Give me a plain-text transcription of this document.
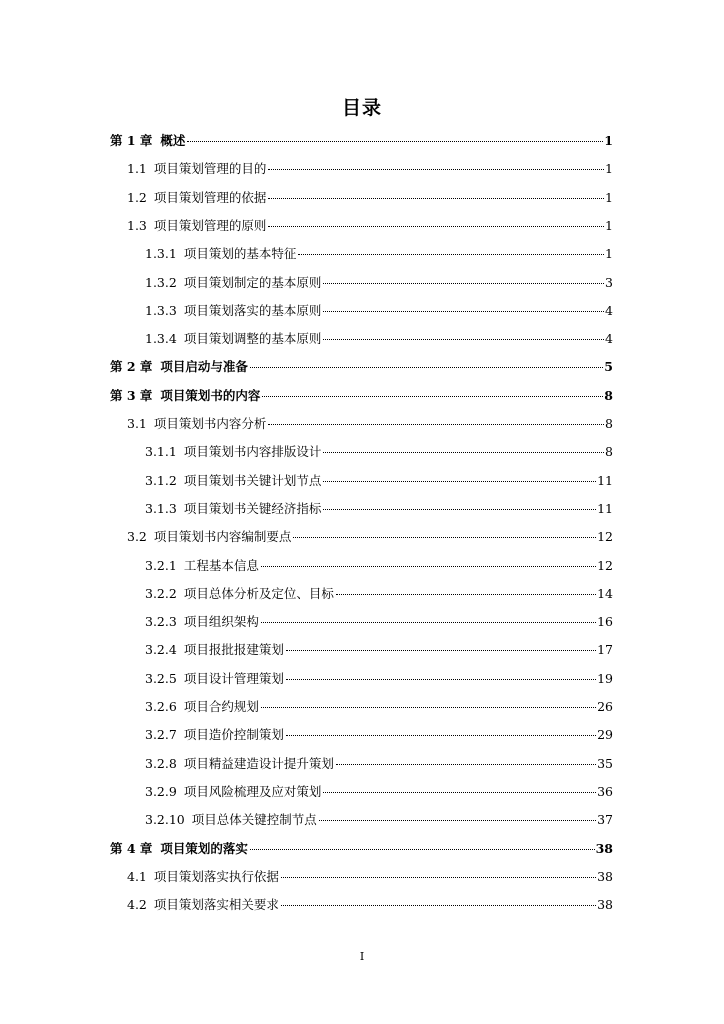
目录
第 1 章 概述	1
1.1 项目策划管理的目的	1
1.2 项目策划管理的依据	1
1.3 项目策划管理的原则	1
1.3.1 项目策划的基本特征	1
1.3.2 项目策划制定的基本原则	3
1.3.3 项目策划落实的基本原则	4
1.3.4 项目策划调整的基本原则	4
第 2 章 项目启动与准备	5
第 3 章 项目策划书的内容	8
3.1 项目策划书内容分析	8
3.1.1 项目策划书内容排版设计	8
3.1.2 项目策划书关键计划节点	11
3.1.3 项目策划书关键经济指标	11
3.2 项目策划书内容编制要点	12
3.2.1 工程基本信息	12
3.2.2 项目总体分析及定位、目标	14
3.2.3 项目组织架构	16
3.2.4 项目报批报建策划	17
3.2.5 项目设计管理策划	19
3.2.6 项目合约规划	26
3.2.7 项目造价控制策划	29
3.2.8 项目精益建造设计提升策划	35
3.2.9 项目风险梳理及应对策划	36
3.2.10 项目总体关键控制节点	37
第 4 章 项目策划的落实	38
4.1 项目策划落实执行依据	38
4.2 项目策划落实相关要求	38
I
